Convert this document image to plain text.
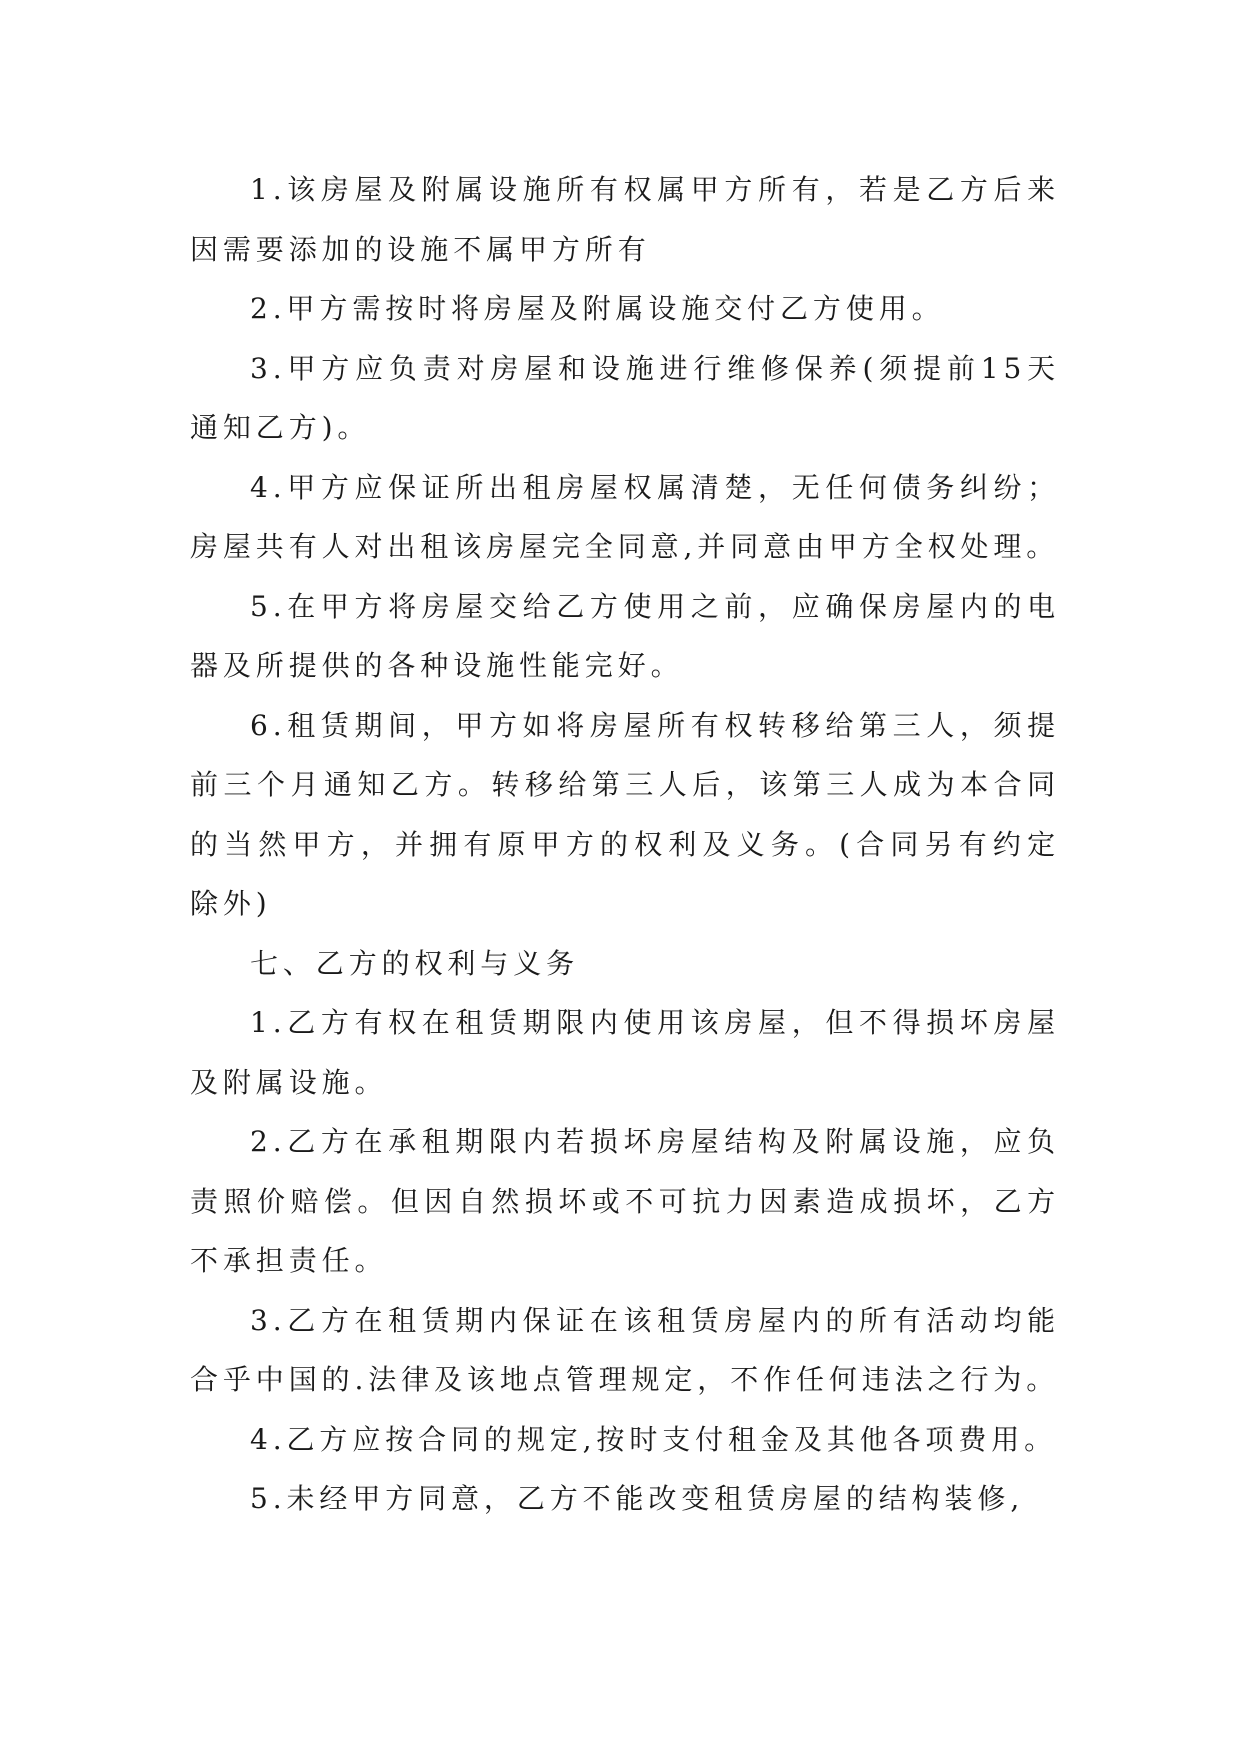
1.该房屋及附属设施所有权属甲方所有，若是乙方后来因需要添加的设施不属甲方所有

2.甲方需按时将房屋及附属设施交付乙方使用。

3.甲方应负责对房屋和设施进行维修保养(须提前15天通知乙方)。

4.甲方应保证所出租房屋权属清楚，无任何债务纠纷；房屋共有人对出租该房屋完全同意,并同意由甲方全权处理。

5.在甲方将房屋交给乙方使用之前，应确保房屋内的电器及所提供的各种设施性能完好。

6.租赁期间，甲方如将房屋所有权转移给第三人，须提前三个月通知乙方。转移给第三人后，该第三人成为本合同的当然甲方，并拥有原甲方的权利及义务。(合同另有约定除外)

七、乙方的权利与义务

1.乙方有权在租赁期限内使用该房屋，但不得损坏房屋及附属设施。

2.乙方在承租期限内若损坏房屋结构及附属设施，应负责照价赔偿。但因自然损坏或不可抗力因素造成损坏，乙方不承担责任。

3.乙方在租赁期内保证在该租赁房屋内的所有活动均能合乎中国的.法律及该地点管理规定，不作任何违法之行为。

4.乙方应按合同的规定,按时支付租金及其他各项费用。

5.未经甲方同意，乙方不能改变租赁房屋的结构装修,
